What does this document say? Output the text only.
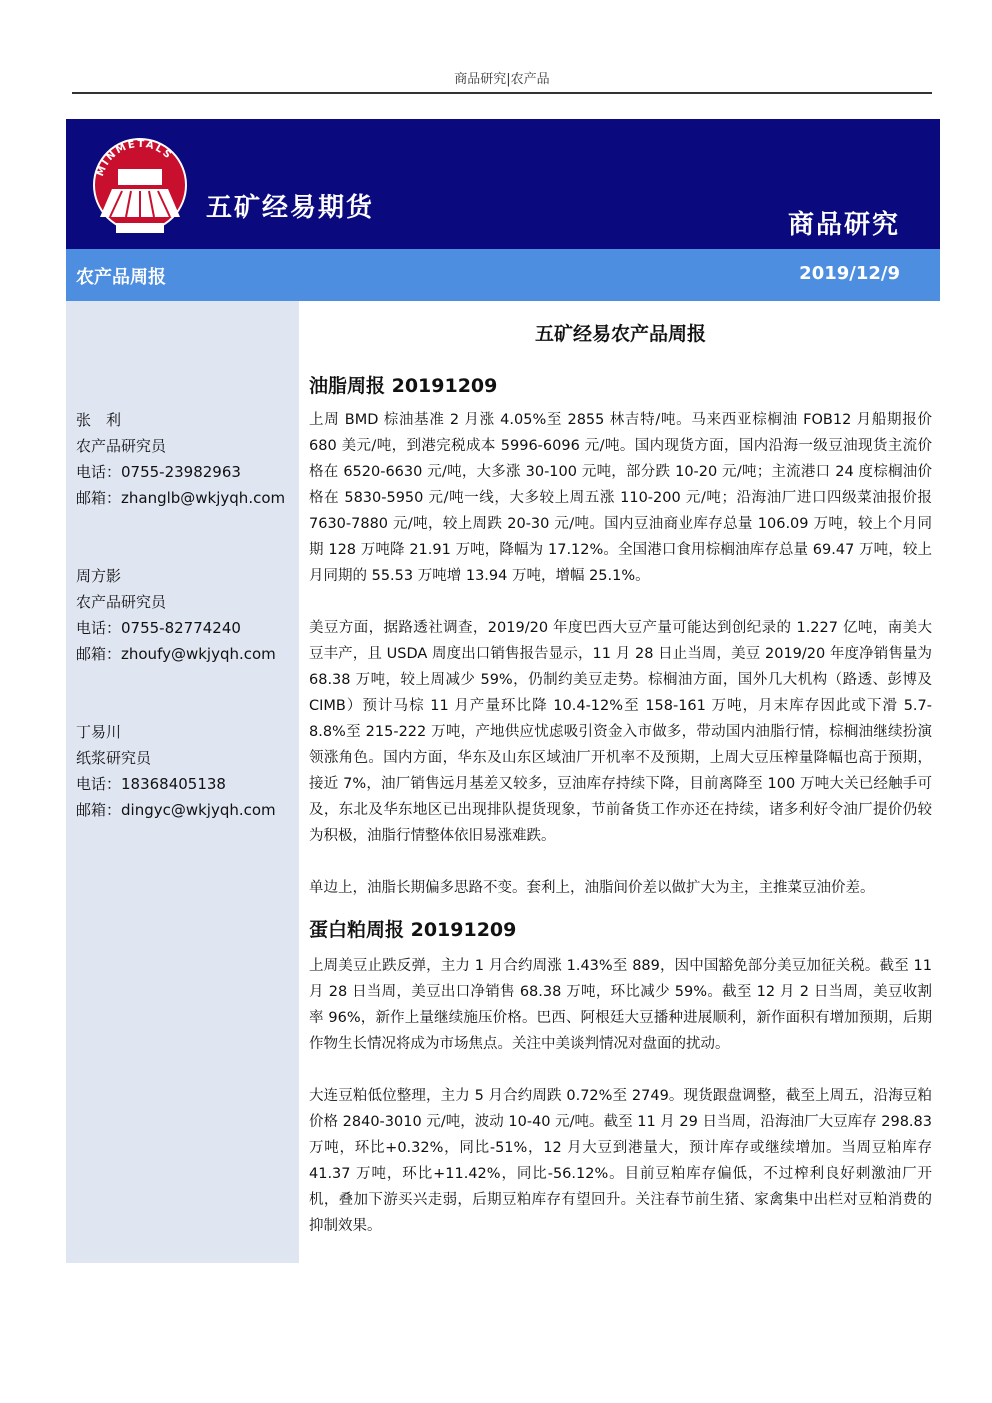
商品研究|农产品
MINMETALS
五矿经易期货
商品研究
农产品周报	2019/12/9
张　利
农产品研究员
电话：0755-23982963
邮箱：zhanglb@wkjyqh.com
周方影
农产品研究员
电话：0755-82774240
邮箱：zhoufy@wkjyqh.com
丁易川
纸浆研究员
电话：18368405138
邮箱：dingyc@wkjyqh.com
五矿经易农产品周报
油脂周报 20191209
上周 BMD 棕油基准 2 月涨 4.05%至 2855 林吉特/吨。马来西亚棕榈油 FOB12 月船期报价 680 美元/吨，到港完税成本 5996-6096 元/吨。国内现货方面，国内沿海一级豆油现货主流价格在 6520-6630 元/吨，大多涨 30-100 元吨，部分跌 10-20 元/吨；主流港口 24 度棕榈油价格在 5830-5950 元/吨一线，大多较上周五涨 110-200 元/吨；沿海油厂进口四级菜油报价报 7630-7880 元/吨，较上周跌 20-30 元/吨。国内豆油商业库存总量 106.09 万吨，较上个月同期 128 万吨降 21.91 万吨，降幅为 17.12%。全国港口食用棕榈油库存总量 69.47 万吨，较上月同期的 55.53 万吨增 13.94 万吨，增幅 25.1%。
美豆方面，据路透社调查，2019/20 年度巴西大豆产量可能达到创纪录的 1.227 亿吨，南美大豆丰产，且 USDA 周度出口销售报告显示，11 月 28 日止当周，美豆 2019/20 年度净销售量为 68.38 万吨，较上周减少 59%，仍制约美豆走势。棕榈油方面，国外几大机构（路透、彭博及 CIMB）预计马棕 11 月产量环比降 10.4-12%至 158-161 万吨，月末库存因此或下滑 5.7-8.8%至 215-222 万吨，产地供应忧虑吸引资金入市做多，带动国内油脂行情，棕榈油继续扮演领涨角色。国内方面，华东及山东区域油厂开机率不及预期，上周大豆压榨量降幅也高于预期，接近 7%，油厂销售远月基差又较多，豆油库存持续下降，目前离降至 100 万吨大关已经触手可及，东北及华东地区已出现排队提货现象，节前备货工作亦还在持续，诸多利好令油厂提价仍较为积极，油脂行情整体依旧易涨难跌。
单边上，油脂长期偏多思路不变。套利上，油脂间价差以做扩大为主，主推菜豆油价差。
蛋白粕周报 20191209
上周美豆止跌反弹，主力 1 月合约周涨 1.43%至 889，因中国豁免部分美豆加征关税。截至 11 月 28 日当周，美豆出口净销售 68.38 万吨，环比减少 59%。截至 12 月 2 日当周，美豆收割率 96%，新作上量继续施压价格。巴西、阿根廷大豆播种进展顺利，新作面积有增加预期，后期作物生长情况将成为市场焦点。关注中美谈判情况对盘面的扰动。
大连豆粕低位整理，主力 5 月合约周跌 0.72%至 2749。现货跟盘调整，截至上周五，沿海豆粕价格 2840-3010 元/吨，波动 10-40 元/吨。截至 11 月 29 日当周，沿海油厂大豆库存 298.83 万吨，环比+0.32%，同比-51%，12 月大豆到港量大，预计库存或继续增加。当周豆粕库存 41.37 万吨，环比+11.42%，同比-56.12%。目前豆粕库存偏低，不过榨利良好刺激油厂开机，叠加下游买兴走弱，后期豆粕库存有望回升。关注春节前生猪、家禽集中出栏对豆粕消费的抑制效果。
